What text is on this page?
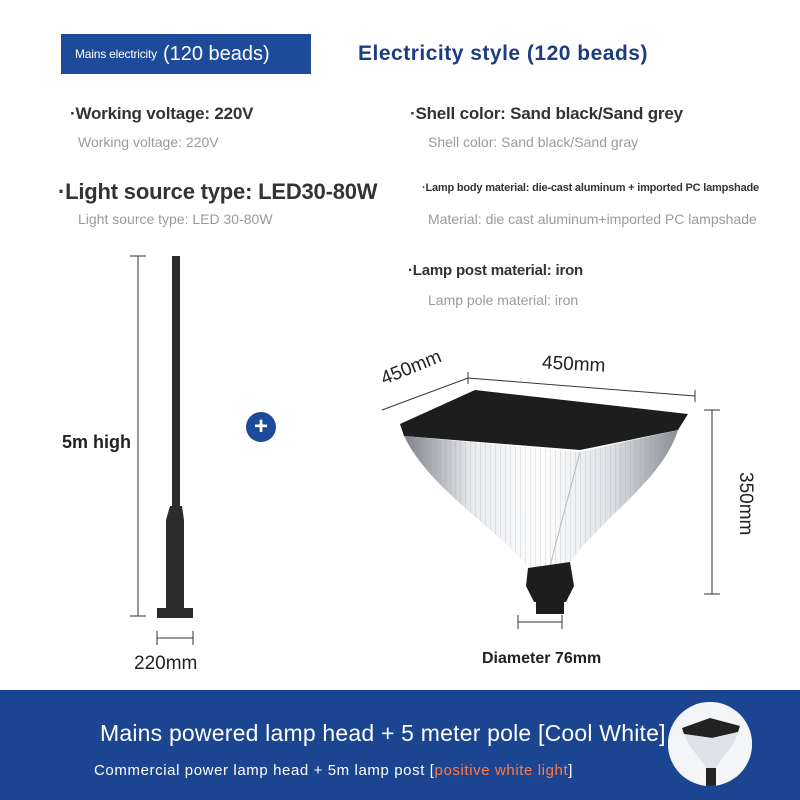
Mains electricity (120 beads)	Electricity style (120 beads)
·Working voltage: 220V
Working voltage: 220V
·Light source type: LED30-80W
Light source type: LED 30-80W
·Shell color: Sand black/Sand grey
Shell color: Sand black/Sand gray
·Lamp body material: die-cast aluminum + imported PC lampshade
Material: die cast aluminum+imported PC lampshade
·Lamp post material: iron
Lamp pole material: iron
5m high
220mm
+
450mm	450mm
350mm
Diameter 76mm
Mains powered lamp head + 5 meter pole [Cool White]
Commercial power lamp head + 5m lamp post [positive white light]
